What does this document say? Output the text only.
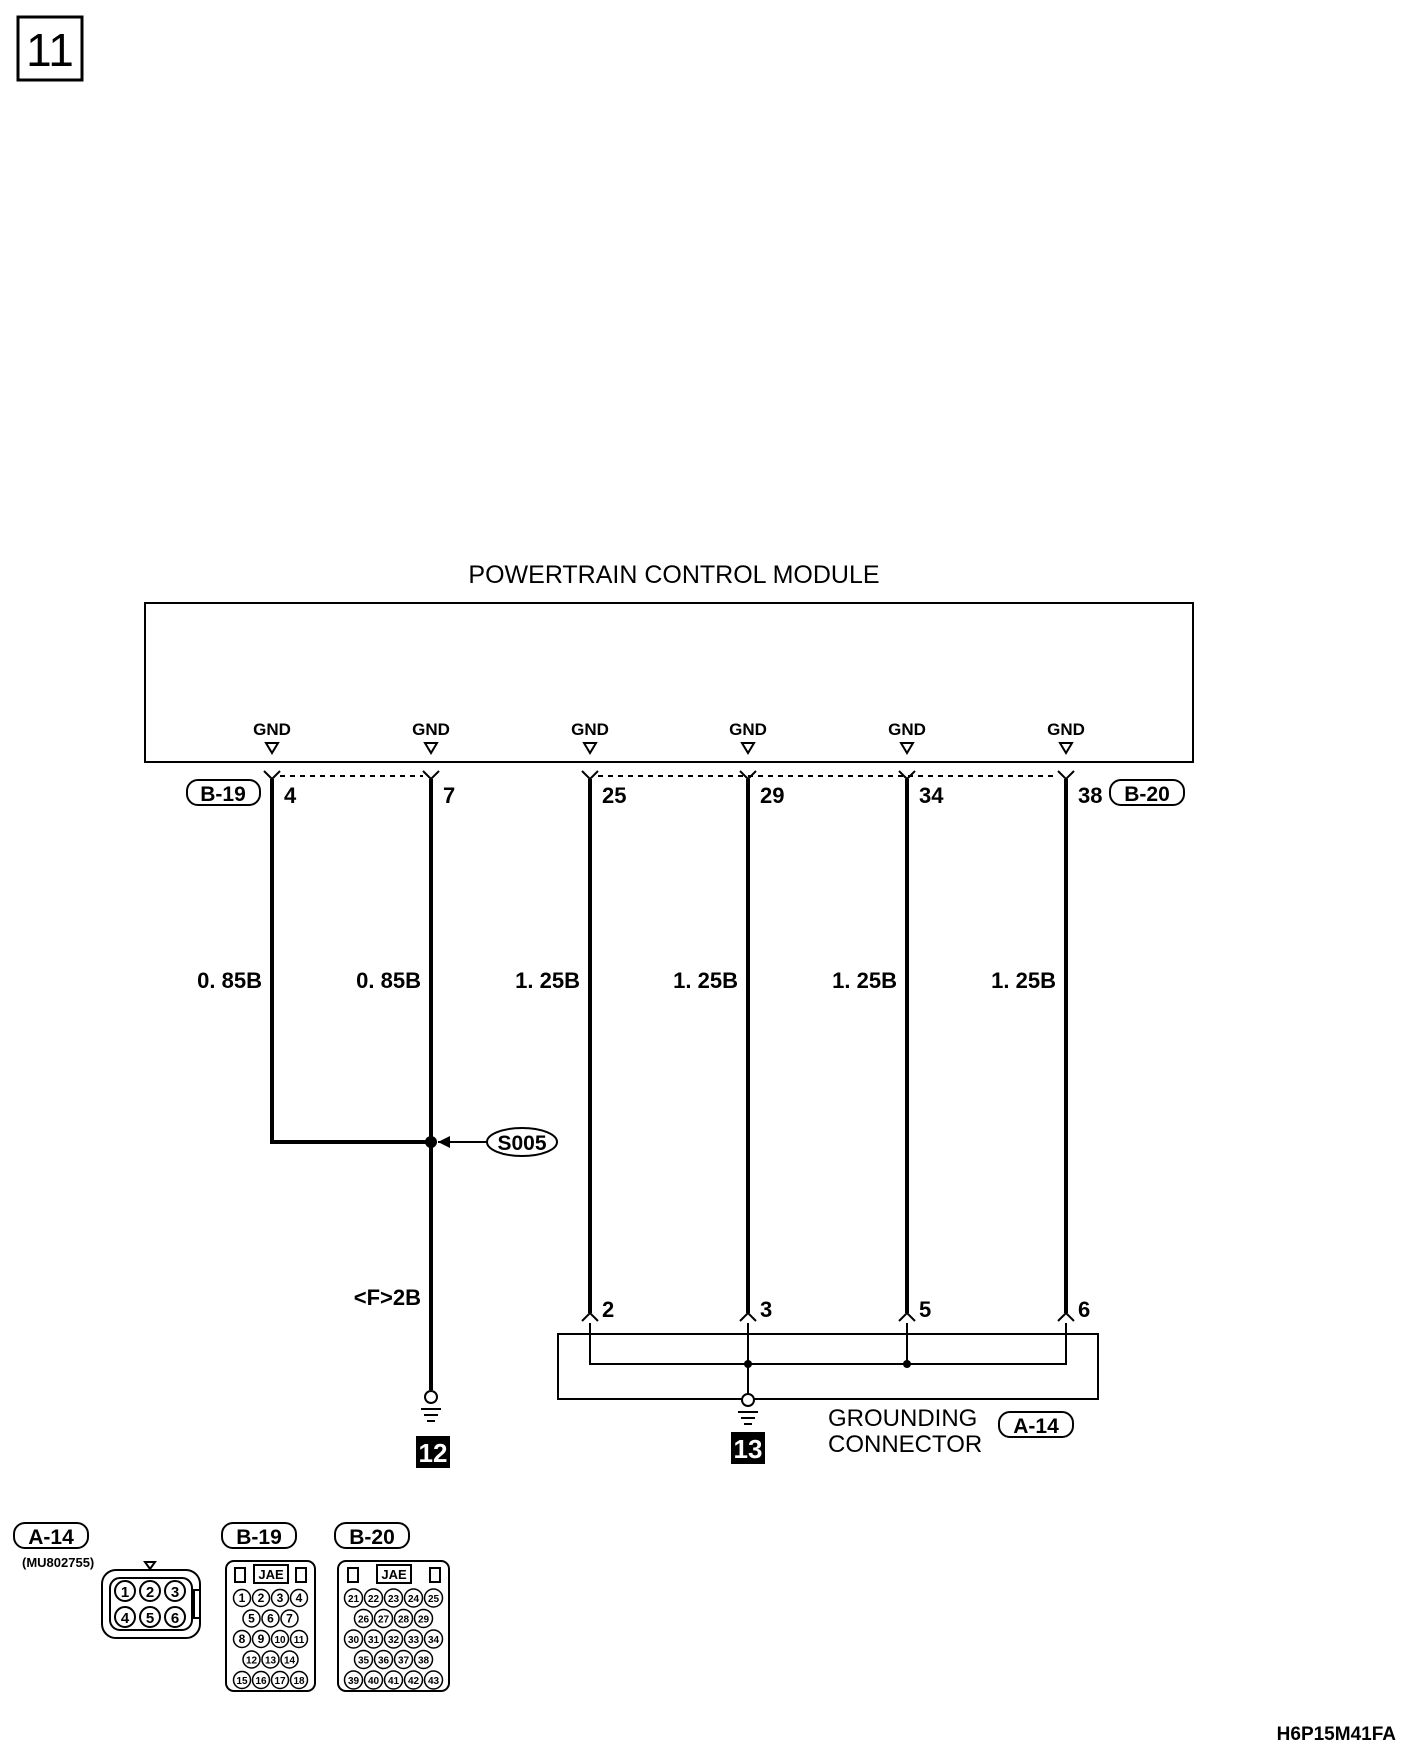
11
POWERTRAIN CONTROL MODULE
GND	GND	GND	GND	GND	GND
B-19	B-20
4	7	25	29	34	38
0. 85B	0. 85B	1. 25B	1. 25B	1. 25B	1. 25B
S005
<F>2B
12
2	3	5	6
13
GROUNDING
CONNECTOR
A-14
A-14
(MU802755)
1 2 3
4 5 6
B-19
JAE
1 2 3 4
5 6 7
8 9 10 11
12 13 14
15 16 17 18
B-20
JAE
21 22 23 24 25
26 27 28 29
30 31 32 33 34
35 36 37 38
39 40 41 42 43
H6P15M41FA
